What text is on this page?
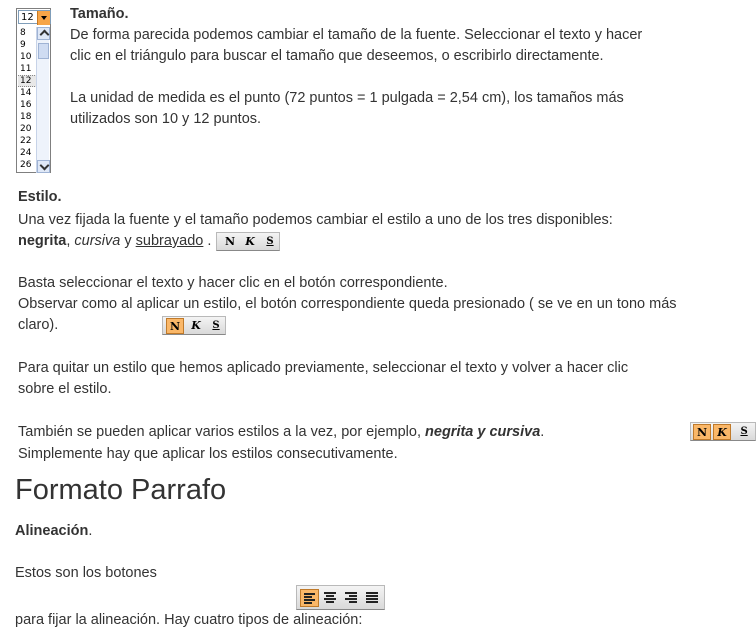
12
8
9
10
11
12
14
16
18
20
22
24
26
Tamaño.

De forma parecida podemos cambiar el tamaño de la fuente. Seleccionar el texto y hacer clic en el triángulo para buscar el tamaño que deseemos, o escribirlo directamente.

La unidad de medida es el punto (72 puntos = 1 pulgada = 2,54 cm), los tamaños más utilizados son 10 y 12 puntos.

Estilo.

Una vez fijada la fuente y el tamaño podemos cambiar el estilo a uno de los tres disponibles:

negrita, cursiva y subrayado .	N K	S

Basta seleccionar el texto y hacer clic en el botón correspondiente.

Observar como al aplicar un estilo, el botón correspondiente queda presionado ( se ve en un tono más claro).	N	K	S

Para quitar un estilo que hemos aplicado previamente, seleccionar el texto y volver a hacer clic sobre el estilo.

También se pueden aplicar varios estilos a la vez, por ejemplo, negrita y cursiva.	N K	S

Simplemente hay que aplicar los estilos consecutivamente.

Formato Parrafo
Alineación.

Estos son los botones

para fijar la alineación. Hay cuatro tipos de alineación:
